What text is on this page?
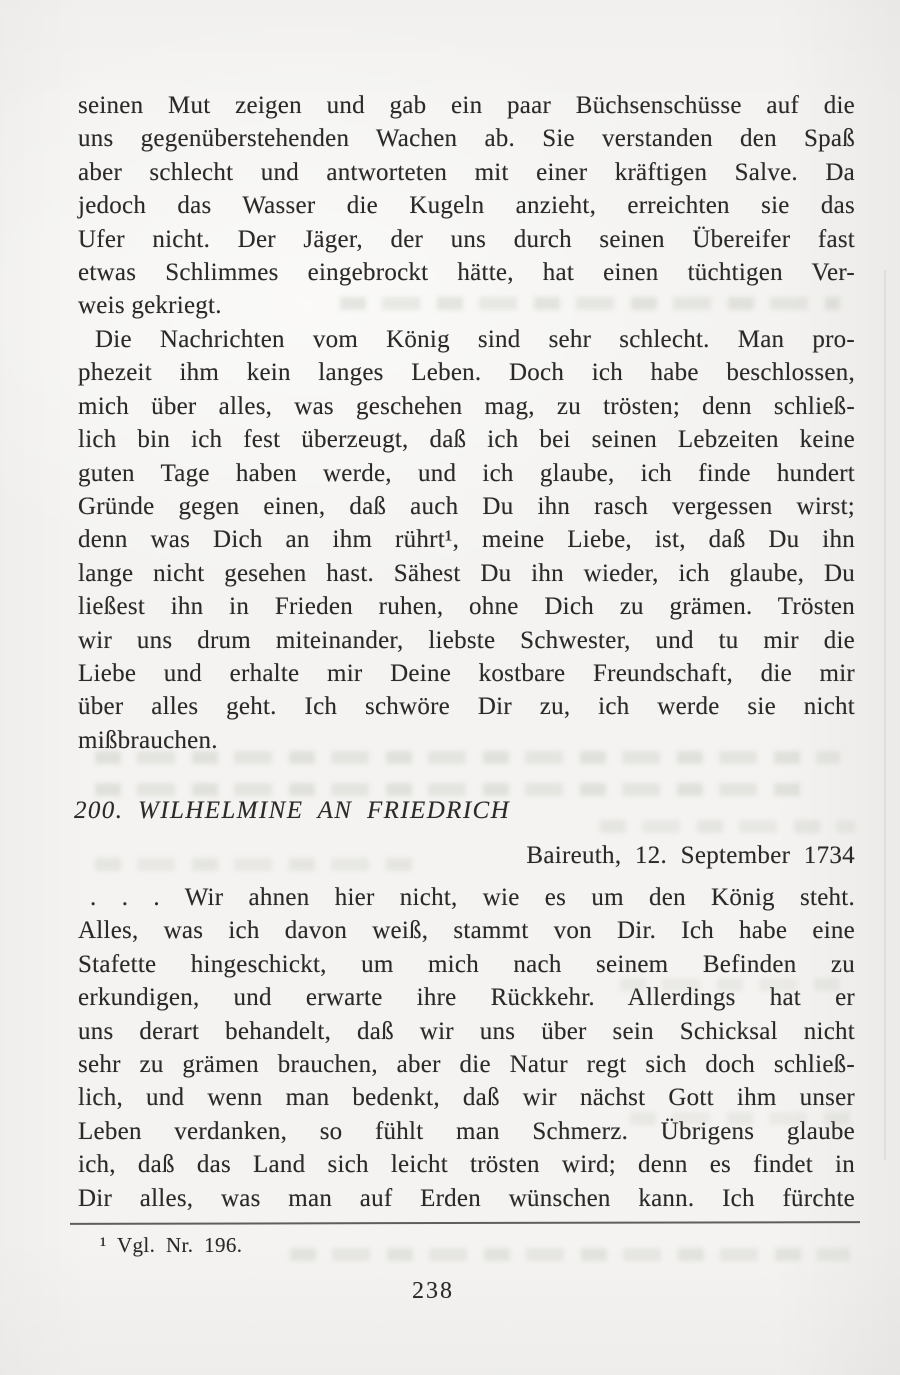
seinen Mut zeigen und gab ein paar Büchsenschüsse auf die
uns gegenüberstehenden Wachen ab. Sie verstanden den Spaß
aber schlecht und antworteten mit einer kräftigen Salve. Da
jedoch das Wasser die Kugeln anzieht, erreichten sie das
Ufer nicht. Der Jäger, der uns durch seinen Übereifer fast
etwas Schlimmes eingebrockt hätte, hat einen tüchtigen Ver-
weis gekriegt.
Die Nachrichten vom König sind sehr schlecht. Man pro-
phezeit ihm kein langes Leben. Doch ich habe beschlossen,
mich über alles, was geschehen mag, zu trösten; denn schließ-
lich bin ich fest überzeugt, daß ich bei seinen Lebzeiten keine
guten Tage haben werde, und ich glaube, ich finde hundert
Gründe gegen einen, daß auch Du ihn rasch vergessen wirst;
denn was Dich an ihm rührt¹, meine Liebe, ist, daß Du ihn
lange nicht gesehen hast. Sähest Du ihn wieder, ich glaube, Du
ließest ihn in Frieden ruhen, ohne Dich zu grämen. Trösten
wir uns drum miteinander, liebste Schwester, und tu mir die
Liebe und erhalte mir Deine kostbare Freundschaft, die mir
über alles geht. Ich schwöre Dir zu, ich werde sie nicht
mißbrauchen.
200. WILHELMINE AN FRIEDRICH
Baireuth, 12. September 1734
. . . Wir ahnen hier nicht, wie es um den König steht.
Alles, was ich davon weiß, stammt von Dir. Ich habe eine
Stafette hingeschickt, um mich nach seinem Befinden zu
erkundigen, und erwarte ihre Rückkehr. Allerdings hat er
uns derart behandelt, daß wir uns über sein Schicksal nicht
sehr zu grämen brauchen, aber die Natur regt sich doch schließ-
lich, und wenn man bedenkt, daß wir nächst Gott ihm unser
Leben verdanken, so fühlt man Schmerz. Übrigens glaube
ich, daß das Land sich leicht trösten wird; denn es findet in
Dir alles, was man auf Erden wünschen kann. Ich fürchte
¹ Vgl. Nr. 196.
238
